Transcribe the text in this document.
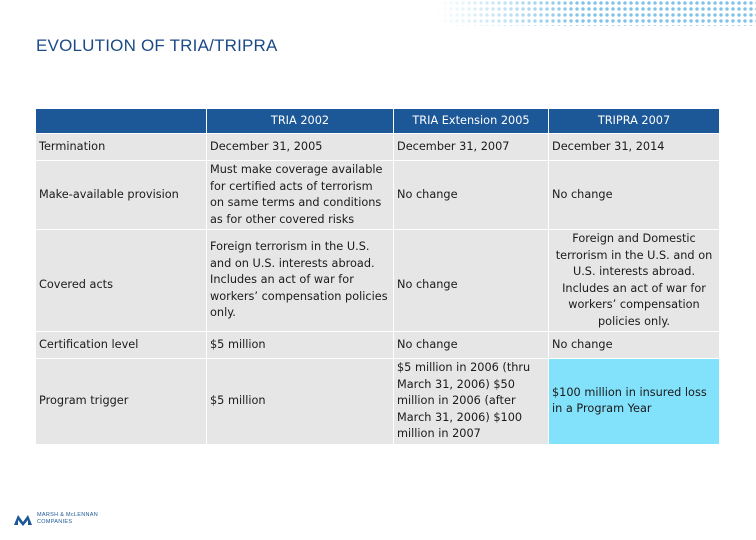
EVOLUTION OF TRIA/TRIPRA
	TRIA 2002	TRIA Extension 2005	TRIPRA 2007
Termination	December 31, 2005	December 31, 2007	December 31, 2014
Make-available provision	Must make coverage available for certified acts of terrorism on same terms and conditions as for other covered risks	No change	No change
Covered acts	Foreign terrorism in the U.S. and on U.S. interests abroad. Includes an act of war for workers’ compensation policies only.	No change	Foreign and Domestic terrorism in the U.S. and on U.S. interests abroad. Includes an act of war for workers’ compensation policies only.
Certification level	$5 million	No change	No change
Program trigger	$5 million	$5 million in 2006 (thru March 31, 2006) $50 million in 2006 (after March 31, 2006) $100 million in 2007	$100 million in insured loss in a Program Year
MARSH & McLENNAN
COMPANIES
